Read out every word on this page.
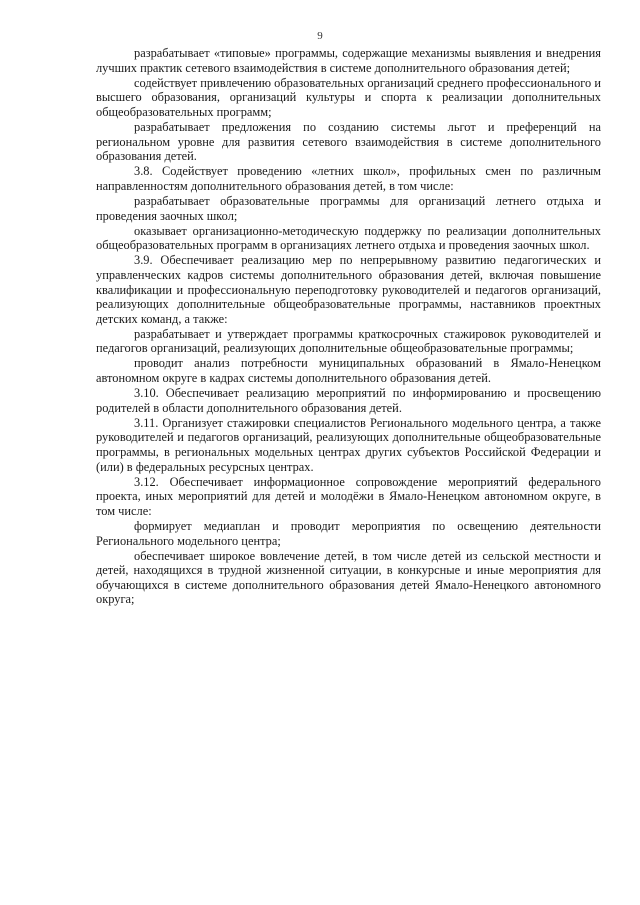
9

разрабатывает «типовые» программы, содержащие механизмы выявления и внедрения лучших практик сетевого взаимодействия в системе дополнительного образования детей;

содействует привлечению образовательных организаций среднего профессионального и высшего образования, организаций культуры и спорта к реализации дополнительных общеобразовательных программ;

разрабатывает предложения по созданию системы льгот и преференций на региональном уровне для развития сетевого взаимодействия в системе дополнительного образования детей.

3.8. Содействует проведению «летних школ», профильных смен по различным направленностям дополнительного образования детей, в том числе:

разрабатывает образовательные программы для организаций летнего отдыха и проведения заочных школ;

оказывает организационно-методическую поддержку по реализации дополнительных общеобразовательных программ в организациях летнего отдыха и проведения заочных школ.

3.9. Обеспечивает реализацию мер по непрерывному развитию педагогических и управленческих кадров системы дополнительного образования детей, включая повышение квалификации и профессиональную переподготовку руководителей и педагогов организаций, реализующих дополнительные общеобразовательные программы, наставников проектных детских команд, а также:

разрабатывает и утверждает программы краткосрочных стажировок руководителей и педагогов организаций, реализующих дополнительные общеобразовательные программы;

проводит анализ потребности муниципальных образований в Ямало-Ненецком автономном округе в кадрах системы дополнительного образования детей.

3.10. Обеспечивает реализацию мероприятий по информированию и просвещению родителей в области дополнительного образования детей.

3.11. Организует стажировки специалистов Регионального модельного центра, а также руководителей и педагогов организаций, реализующих дополнительные общеобразовательные программы, в региональных модельных центрах других субъектов Российской Федерации и (или) в федеральных ресурсных центрах.

3.12. Обеспечивает информационное сопровождение мероприятий федерального проекта, иных мероприятий для детей и молодёжи в Ямало-Ненецком автономном округе, в том числе:

формирует медиаплан и проводит мероприятия по освещению деятельности Регионального модельного центра;

обеспечивает широкое вовлечение детей, в том числе детей из сельской местности и детей, находящихся в трудной жизненной ситуации, в конкурсные и иные мероприятия для обучающихся в системе дополнительного образования детей Ямало-Ненецкого автономного округа;
